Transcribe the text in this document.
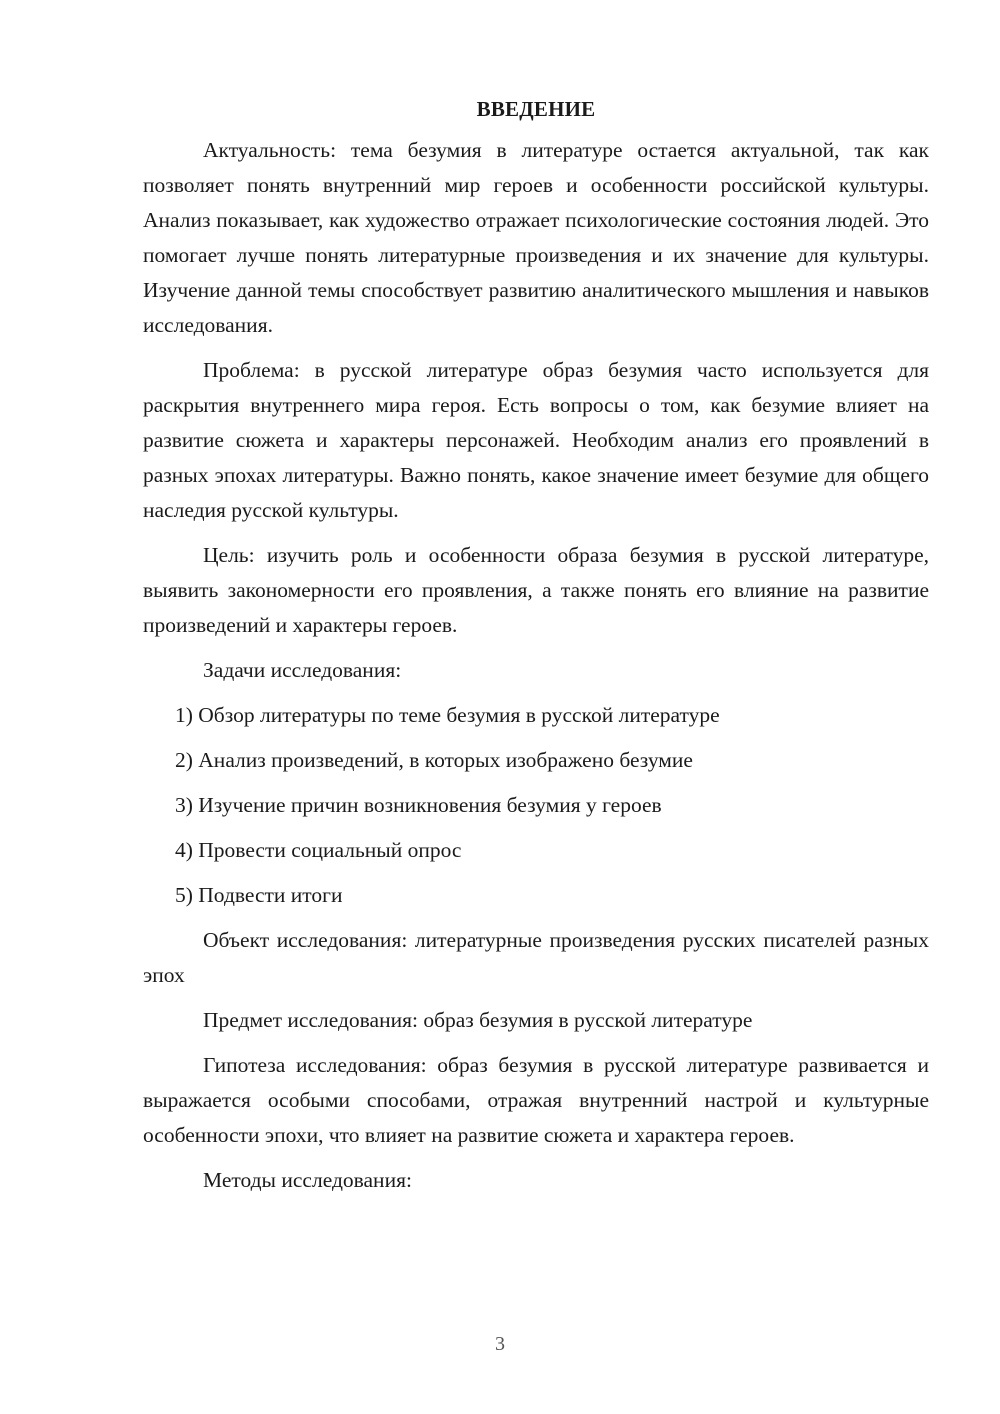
ВВЕДЕНИЕ

Актуальность: тема безумия в литературе остается актуальной, так как позволяет понять внутренний мир героев и особенности российской культуры. Анализ показывает, как художество отражает психологические состояния людей. Это помогает лучше понять литературные произведения и их значение для культуры. Изучение данной темы способствует развитию аналитического мышления и навыков исследования.

Проблема: в русской литературе образ безумия часто используется для раскрытия внутреннего мира героя. Есть вопросы о том, как безумие влияет на развитие сюжета и характеры персонажей. Необходим анализ его проявлений в разных эпохах литературы. Важно понять, какое значение имеет безумие для общего наследия русской культуры.

Цель: изучить роль и особенности образа безумия в русской литературе, выявить закономерности его проявления, а также понять его влияние на развитие произведений и характеры героев.

Задачи исследования:

1) Обзор литературы по теме безумия в русской литературе

2) Анализ произведений, в которых изображено безумие

3) Изучение причин возникновения безумия у героев

4) Провести социальный опрос

5) Подвести итоги

Объект исследования: литературные произведения русских писателей разных эпох

Предмет исследования: образ безумия в русской литературе

Гипотеза исследования: образ безумия в русской литературе развивается и выражается особыми способами, отражая внутренний настрой и культурные особенности эпохи, что влияет на развитие сюжета и характера героев.

Методы исследования:

3
